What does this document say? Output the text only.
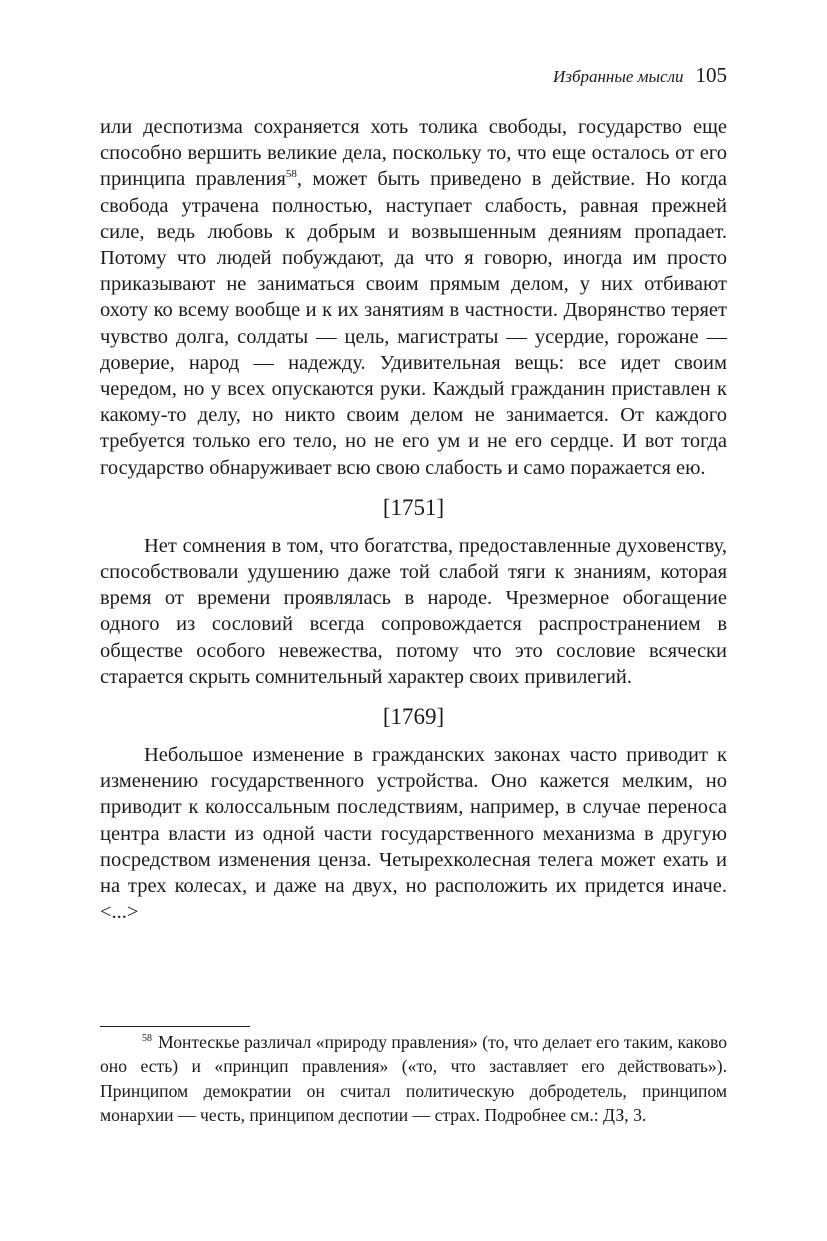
Избранные мысли 105

или деспотизма сохраняется хоть толика свободы, государство еще способно вершить великие дела, поскольку то, что еще осталось от его принципа правления$^{58}$, может быть приведено в действие. Но когда свобода утрачена полностью, наступает слабость, равная прежней силе, ведь любовь к добрым и возвышенным деяниям пропадает. Потому что людей побуждают, да что я говорю, иногда им просто приказывают не заниматься своим прямым делом, у них отбивают охоту ко всему вообще и к их занятиям в частности. Дворянство теряет чувство долга, солдаты — цель, магистраты — усердие, горожане — доверие, народ — надежду. Удивительная вещь: все идет своим чередом, но у всех опускаются руки. Каждый гражданин приставлен к какому-то делу, но никто своим делом не занимается. От каждого требуется только его тело, но не его ум и не его сердце. И вот тогда государство обнаруживает всю свою слабость и само поражается ею.

[1751]

Нет сомнения в том, что богатства, предоставленные духовенству, способствовали удушению даже той слабой тяги к знаниям, которая время от времени проявлялась в народе. Чрезмерное обогащение одного из сословий всегда сопровождается распространением в обществе особого невежества, потому что это сословие всячески старается скрыть сомнительный характер своих привилегий.

[1769]

Небольшое изменение в гражданских законах часто приводит к изменению государственного устройства. Оно кажется мелким, но приводит к колоссальным последствиям, например, в случае переноса центра власти из одной части государственного механизма в другую посредством изменения ценза. Четырехколесная телега может ехать и на трех колесах, и даже на двух, но расположить их придется иначе. <...>

$^{58}$ Монтескье различал «природу правления» (то, что делает его таким, каково оно есть) и «принцип правления» («то, что заставляет его действовать»). Принципом демократии он считал политическую добродетель, принципом монархии — честь, принципом деспотии — страх. Подробнее см.: ДЗ, 3.
